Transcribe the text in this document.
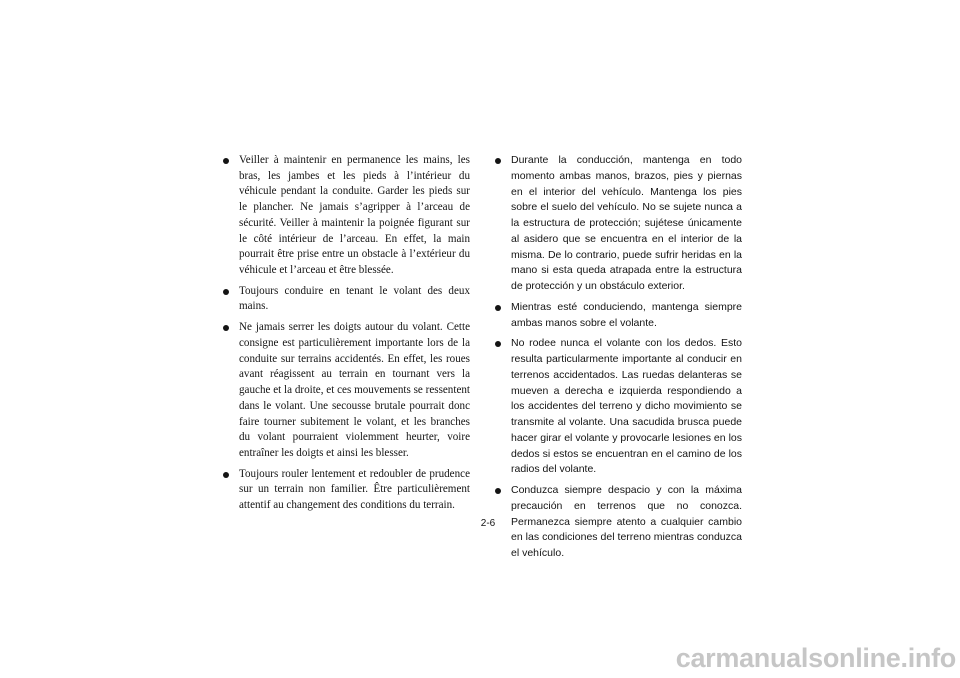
Veiller à maintenir en permanence les mains, les bras, les jambes et les pieds à l’intérieur du véhicule pendant la conduite. Garder les pieds sur le plancher. Ne jamais s’agripper à l’arceau de sécurité. Veiller à maintenir la poignée figurant sur le côté intérieur de l’arceau. En effet, la main pourrait être prise entre un obstacle à l’extérieur du véhicule et l’arceau et être blessée.
Toujours conduire en tenant le volant des deux mains.
Ne jamais serrer les doigts autour du volant. Cette consigne est particulièrement importante lors de la conduite sur terrains accidentés. En effet, les roues avant réagissent au terrain en tournant vers la gauche et la droite, et ces mouvements se ressentent dans le volant. Une secousse brutale pourrait donc faire tourner subitement le volant, et les branches du volant pourraient violemment heurter, voire entraîner les doigts et ainsi les blesser.
Toujours rouler lentement et redoubler de prudence sur un terrain non familier. Être particulièrement attentif au changement des conditions du terrain.
Durante la conducción, mantenga en todo momento ambas manos, brazos, pies y piernas en el interior del vehículo. Mantenga los pies sobre el suelo del vehículo. No se sujete nunca a la estructura de protección; sujétese únicamente al asidero que se encuentra en el interior de la misma. De lo contrario, puede sufrir heridas en la mano si esta queda atrapada entre la estructura de protección y un obstáculo exterior.
Mientras esté conduciendo, mantenga siempre ambas manos sobre el volante.
No rodee nunca el volante con los dedos. Esto resulta particularmente importante al conducir en terrenos accidentados. Las ruedas delanteras se mueven a derecha e izquierda respondiendo a los accidentes del terreno y dicho movimiento se transmite al volante. Una sacudida brusca puede hacer girar el volante y provocarle lesiones en los dedos si estos se encuentran en el camino de los radios del volante.
Conduzca siempre despacio y con la máxima precaución en terrenos que no conozca. Permanezca siempre atento a cualquier cambio en las condiciones del terreno mientras conduzca el vehículo.
2-6
carmanualsonline.info
